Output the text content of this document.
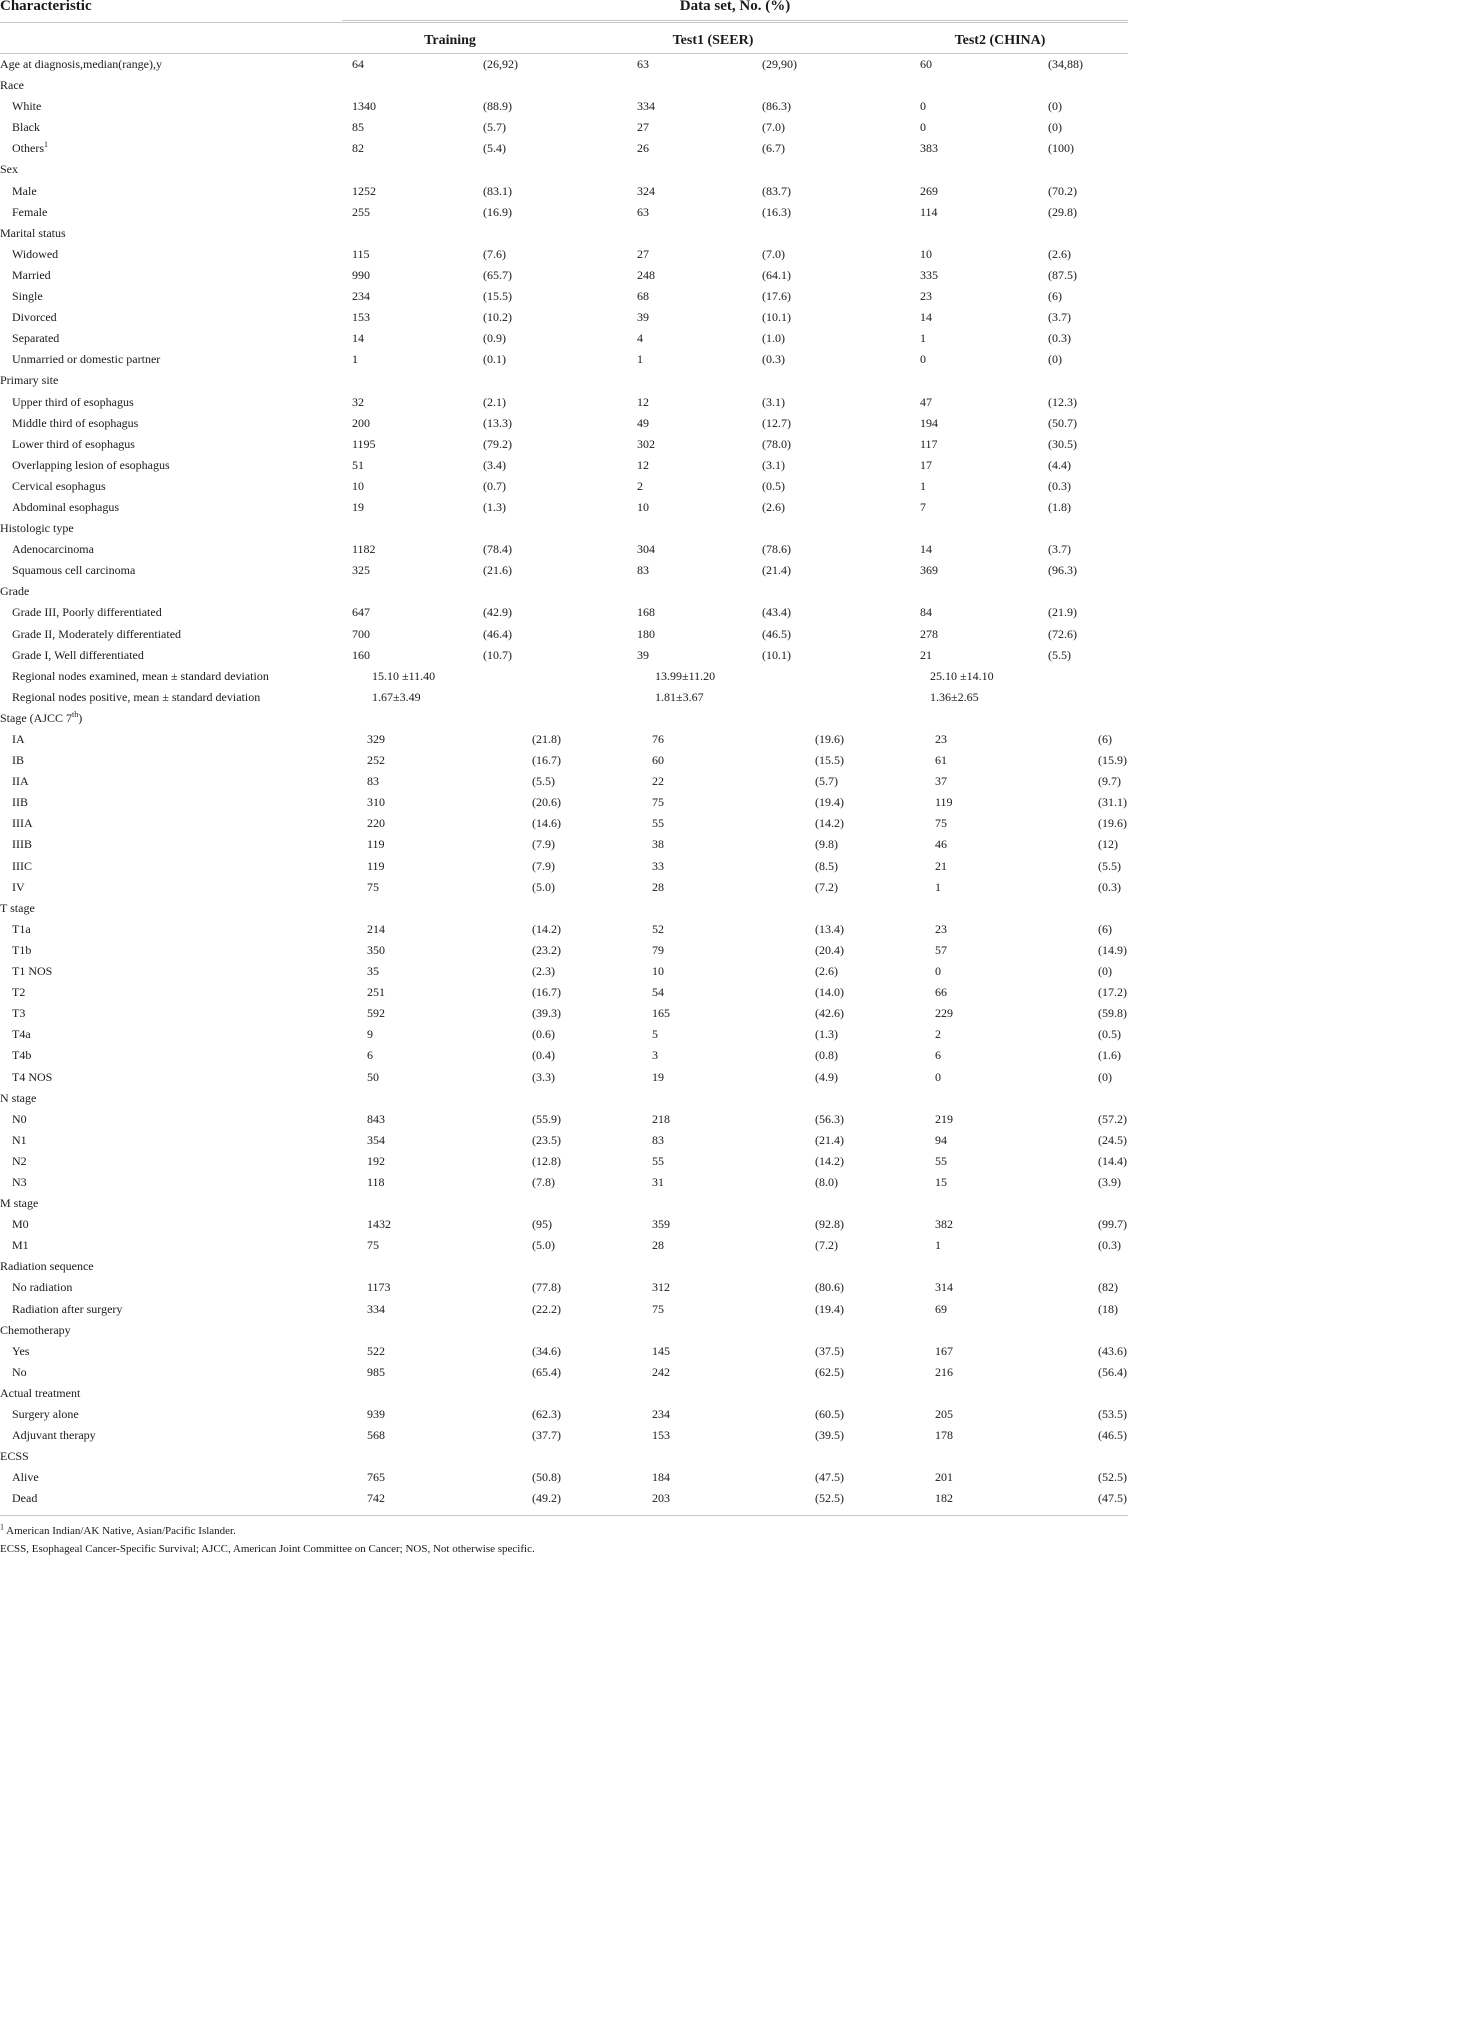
Characteristic	Data set, No. (%)
Training	Test1 (SEER)	Test2 (CHINA)
Age at diagnosis,median(range),y	64	(26,92)	63	(29,90)	60	(34,88)

Race

White	1340	(88.9)	334	(86.3)	0	(0)

Black	85	(5.7)	27	(7.0)	0	(0)

Others$^1$	82	(5.4)	26	(6.7)	383	(100)

Sex

Male	1252	(83.1)	324	(83.7)	269	(70.2)

Female	255	(16.9)	63	(16.3)	114	(29.8)

Marital status

Widowed	115	(7.6)	27	(7.0)	10	(2.6)

Married	990	(65.7)	248	(64.1)	335	(87.5)

Single	234	(15.5)	68	(17.6)	23	(6)

Divorced	153	(10.2)	39	(10.1)	14	(3.7)

Separated	14	(0.9)	4	(1.0)	1	(0.3)

Unmarried or domestic partner	1	(0.1)	1	(0.3)	0	(0)

Primary site

Upper third of esophagus	32	(2.1)	12	(3.1)	47	(12.3)

Middle third of esophagus	200	(13.3)	49	(12.7)	194	(50.7)

Lower third of esophagus	1195	(79.2)	302	(78.0)	117	(30.5)

Overlapping lesion of esophagus	51	(3.4)	12	(3.1)	17	(4.4)

Cervical esophagus	10	(0.7)	2	(0.5)	1	(0.3)

Abdominal esophagus	19	(1.3)	10	(2.6)	7	(1.8)

Histologic type

Adenocarcinoma	1182	(78.4)	304	(78.6)	14	(3.7)

Squamous cell carcinoma	325	(21.6)	83	(21.4)	369	(96.3)

Grade

Grade III, Poorly differentiated	647	(42.9)	168	(43.4)	84	(21.9)

Grade II, Moderately differentiated	700	(46.4)	180	(46.5)	278	(72.6)

Grade I, Well differentiated	160	(10.7)	39	(10.1)	21	(5.5)

Regional nodes examined, mean ± standard deviation	15.10 ±11.40	13.99±11.20	25.10 ±14.10

Regional nodes positive, mean ± standard deviation	1.67±3.49	1.81±3.67	1.36±2.65

Stage (AJCC 7th)

IA	329	(21.8)	76	(19.6)	23	(6)

IB	252	(16.7)	60	(15.5)	61	(15.9)

IIA	83	(5.5)	22	(5.7)	37	(9.7)

IIB	310	(20.6)	75	(19.4)	119	(31.1)

IIIA	220	(14.6)	55	(14.2)	75	(19.6)

IIIB	119	(7.9)	38	(9.8)	46	(12)

IIIC	119	(7.9)	33	(8.5)	21	(5.5)

IV	75	(5.0)	28	(7.2)	1	(0.3)

T stage

T1a	214	(14.2)	52	(13.4)	23	(6)

T1b	350	(23.2)	79	(20.4)	57	(14.9)

T1 NOS	35	(2.3)	10	(2.6)	0	(0)

T2	251	(16.7)	54	(14.0)	66	(17.2)

T3	592	(39.3)	165	(42.6)	229	(59.8)

T4a	9	(0.6)	5	(1.3)	2	(0.5)

T4b	6	(0.4)	3	(0.8)	6	(1.6)

T4 NOS	50	(3.3)	19	(4.9)	0	(0)

N stage

N0	843	(55.9)	218	(56.3)	219	(57.2)

N1	354	(23.5)	83	(21.4)	94	(24.5)

N2	192	(12.8)	55	(14.2)	55	(14.4)

N3	118	(7.8)	31	(8.0)	15	(3.9)

M stage

M0	1432	(95)	359	(92.8)	382	(99.7)

M1	75	(5.0)	28	(7.2)	1	(0.3)

Radiation sequence

No radiation	1173	(77.8)	312	(80.6)	314	(82)

Radiation after surgery	334	(22.2)	75	(19.4)	69	(18)

Chemotherapy

Yes	522	(34.6)	145	(37.5)	167	(43.6)

No	985	(65.4)	242	(62.5)	216	(56.4)

Actual treatment

Surgery alone	939	(62.3)	234	(60.5)	205	(53.5)

Adjuvant therapy	568	(37.7)	153	(39.5)	178	(46.5)

ECSS

Alive	765	(50.8)	184	(47.5)	201	(52.5)

Dead	742	(49.2)	203	(52.5)	182	(47.5)
$^1$ American Indian/AK Native, Asian/Pacific Islander.
ECSS, Esophageal Cancer-Specific Survival; AJCC, American Joint Committee on Cancer; NOS, Not otherwise specific.
